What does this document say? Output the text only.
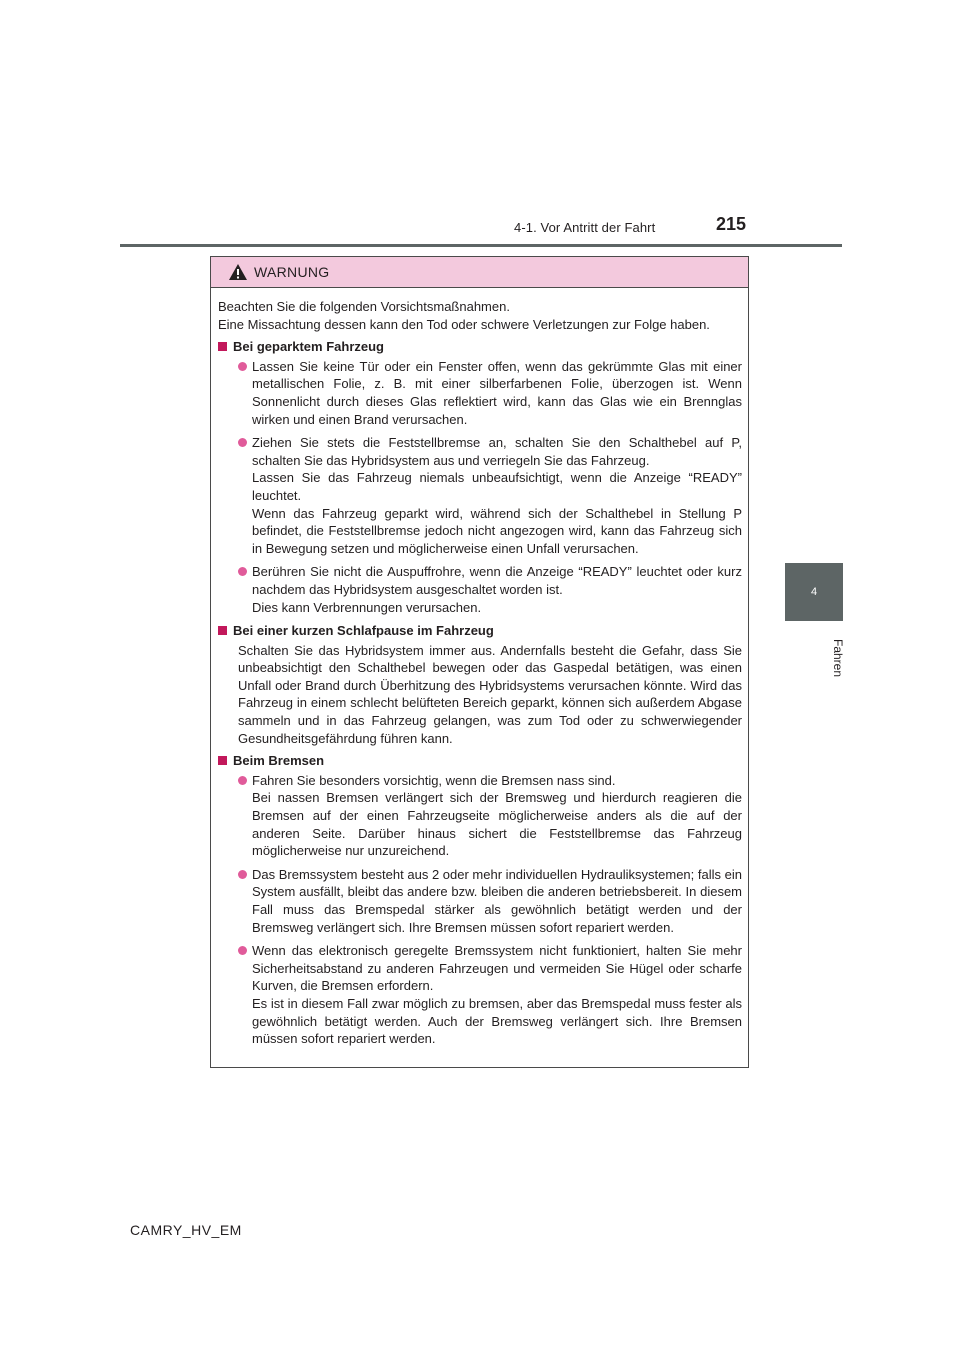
4-1. Vor Antritt der Fahrt	215
4
Fahren
WARNUNG
Beachten Sie die folgenden Vorsichtsmaßnahmen.
Eine Missachtung dessen kann den Tod oder schwere Verletzungen zur Folge haben.
Bei geparktem Fahrzeug
Lassen Sie keine Tür oder ein Fenster offen, wenn das gekrümmte Glas mit einer metallischen Folie, z. B. mit einer silberfarbenen Folie, überzogen ist. Wenn Sonnenlicht durch dieses Glas reflektiert wird, kann das Glas wie ein Brennglas wirken und einen Brand verursachen.
Ziehen Sie stets die Feststellbremse an, schalten Sie den Schalthebel auf P, schalten Sie das Hybridsystem aus und verriegeln Sie das Fahrzeug.
Lassen Sie das Fahrzeug niemals unbeaufsichtigt, wenn die Anzeige “READY” leuchtet.
Wenn das Fahrzeug geparkt wird, während sich der Schalthebel in Stellung P befindet, die Feststellbremse jedoch nicht angezogen wird, kann das Fahrzeug sich in Bewegung setzen und möglicherweise einen Unfall verursachen.
Berühren Sie nicht die Auspuffrohre, wenn die Anzeige “READY” leuchtet oder kurz nachdem das Hybridsystem ausgeschaltet worden ist.
Dies kann Verbrennungen verursachen.
Bei einer kurzen Schlafpause im Fahrzeug
Schalten Sie das Hybridsystem immer aus. Andernfalls besteht die Gefahr, dass Sie unbeabsichtigt den Schalthebel bewegen oder das Gaspedal betätigen, was einen Unfall oder Brand durch Überhitzung des Hybridsystems verursachen könnte. Wird das Fahrzeug in einem schlecht belüfteten Bereich geparkt, können sich außerdem Abgase sammeln und in das Fahrzeug gelangen, was zum Tod oder zu schwerwiegender Gesundheitsgefährdung führen kann.
Beim Bremsen
Fahren Sie besonders vorsichtig, wenn die Bremsen nass sind.
Bei nassen Bremsen verlängert sich der Bremsweg und hierdurch reagieren die Bremsen auf der einen Fahrzeugseite möglicherweise anders als die auf der anderen Seite. Darüber hinaus sichert die Feststellbremse das Fahrzeug möglicherweise nur unzureichend.
Das Bremssystem besteht aus 2 oder mehr individuellen Hydrauliksystemen; falls ein System ausfällt, bleibt das andere bzw. bleiben die anderen betriebsbereit. In diesem Fall muss das Bremspedal stärker als gewöhnlich betätigt werden und der Bremsweg verlängert sich. Ihre Bremsen müssen sofort repariert werden.
Wenn das elektronisch geregelte Bremssystem nicht funktioniert, halten Sie mehr Sicherheitsabstand zu anderen Fahrzeugen und vermeiden Sie Hügel oder scharfe Kurven, die Bremsen erfordern.
Es ist in diesem Fall zwar möglich zu bremsen, aber das Bremspedal muss fester als gewöhnlich betätigt werden. Auch der Bremsweg verlängert sich. Ihre Bremsen müssen sofort repariert werden.
CAMRY_HV_EM
